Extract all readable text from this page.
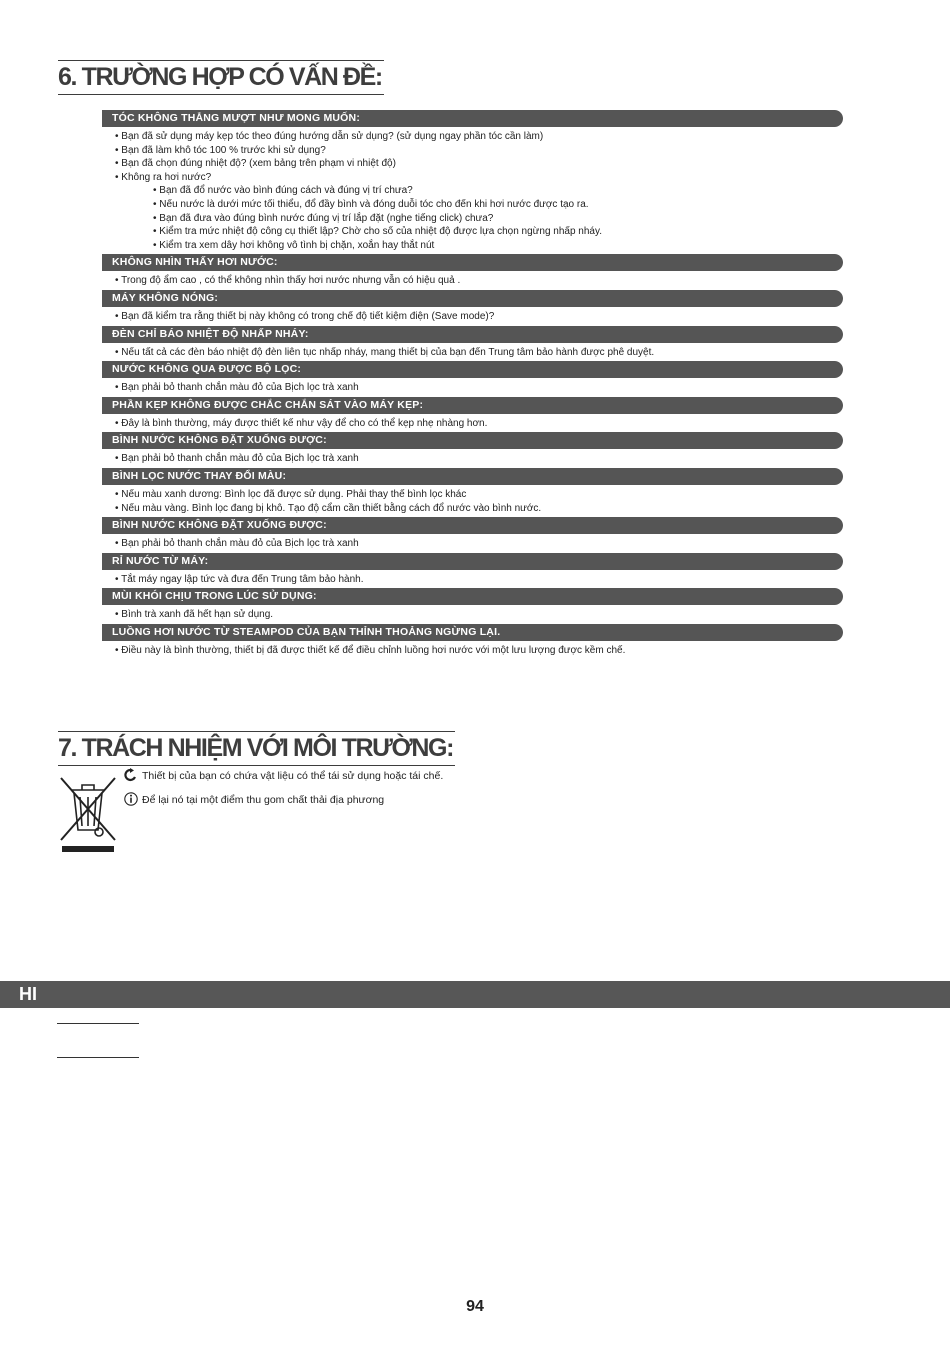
6. TRƯỜNG HỢP CÓ VẤN ĐỀ:
TÓC KHÔNG THẲNG MƯỢT NHƯ MONG MUỐN:
• Bạn đã sử dụng máy kẹp tóc theo đúng hướng dẫn sử dụng? (sử dụng ngay phần tóc cần làm)
• Bạn đã làm khô tóc 100 % trước khi sử dụng?
• Bạn đã chọn đúng nhiệt độ? (xem bảng trên phạm vi nhiệt độ)
• Không ra hơi nước?
• Bạn đã đổ nước vào bình đúng cách và đúng vị trí chưa?
• Nếu nước là dưới mức tối thiểu, đổ đầy bình và đóng duỗi tóc cho đến khi hơi nước được tạo ra.
• Bạn đã đưa vào đúng bình nước đúng vị trí lắp đặt (nghe tiếng click) chưa?
• Kiểm tra mức nhiệt độ công cụ thiết lập? Chờ cho số của nhiệt độ được lựa chọn ngừng nhấp nháy.
• Kiểm tra xem dây hơi không vô tình bị chặn, xoắn hay thắt nút
KHÔNG NHÌN THẤY HƠI NƯỚC:
• Trong độ ẩm cao , có thể không nhìn thấy hơi nước nhưng vẫn có hiệu quả .
MÁY KHÔNG NÓNG:
• Bạn đã kiểm tra rằng thiết bị này không có trong chế độ tiết kiệm điện (Save mode)?
ĐÈN CHỈ BÁO NHIỆT ĐỘ NHẤP NHÁY:
• Nếu tất cả các đèn báo nhiệt độ đèn liên tục nhấp nháy, mang thiết bị của bạn đến Trung tâm bảo hành được phê duyệt.
NƯỚC KHÔNG QUA ĐƯỢC BỘ LỌC:
• Bạn phải bỏ thanh chắn màu đỏ của Bịch lọc trà xanh
PHẦN KẸP KHÔNG ĐƯỢC CHẮC CHẮN SÁT VÀO MÁY KẸP:
• Đây là bình thường, máy được thiết kế như vậy để cho có thể kẹp nhẹ nhàng hơn.
BÌNH NƯỚC KHÔNG ĐẶT XUỐNG ĐƯỢC:
• Bạn phải bỏ thanh chắn màu đỏ của Bịch lọc trà xanh
BÌNH LỌC NƯỚC THAY ĐỔI MÀU:
• Nếu màu xanh dương: Bình lọc đã được sử dụng. Phải thay thế bình lọc khác
• Nếu màu vàng. Bình lọc đang bị khô. Tạo độ cẩm cần thiết bằng cách đổ nước vào bình nước.
BÌNH NƯỚC KHÔNG ĐẶT XUỐNG ĐƯỢC:
• Bạn phải bỏ thanh chắn màu đỏ của Bịch lọc trà xanh
RỈ NƯỚC TỪ MÁY:
• Tắt máy ngay lập tức và đưa đến Trung tâm bảo hành.
MÙI KHÓI CHỊU TRONG LÚC SỬ DỤNG:
• Bình trà xanh đã hết hạn sử dụng.
LUỒNG HƠI NƯỚC TỪ STEAMPOD CỦA BẠN THỈNH THOẢNG NGỪNG LẠI.
• Điều này là bình thường, thiết bị đã được thiết kế để điều chỉnh luồng hơi nước với một lưu lượng được kềm chế.
7. TRÁCH NHIỆM VỚI MÔI TRƯỜNG:
Thiết bị của bạn có chứa vật liệu có thể tái sử dụng hoặc tái chế.
Để lại nó tại một điểm thu gom chất thải địa phương
HI
94
